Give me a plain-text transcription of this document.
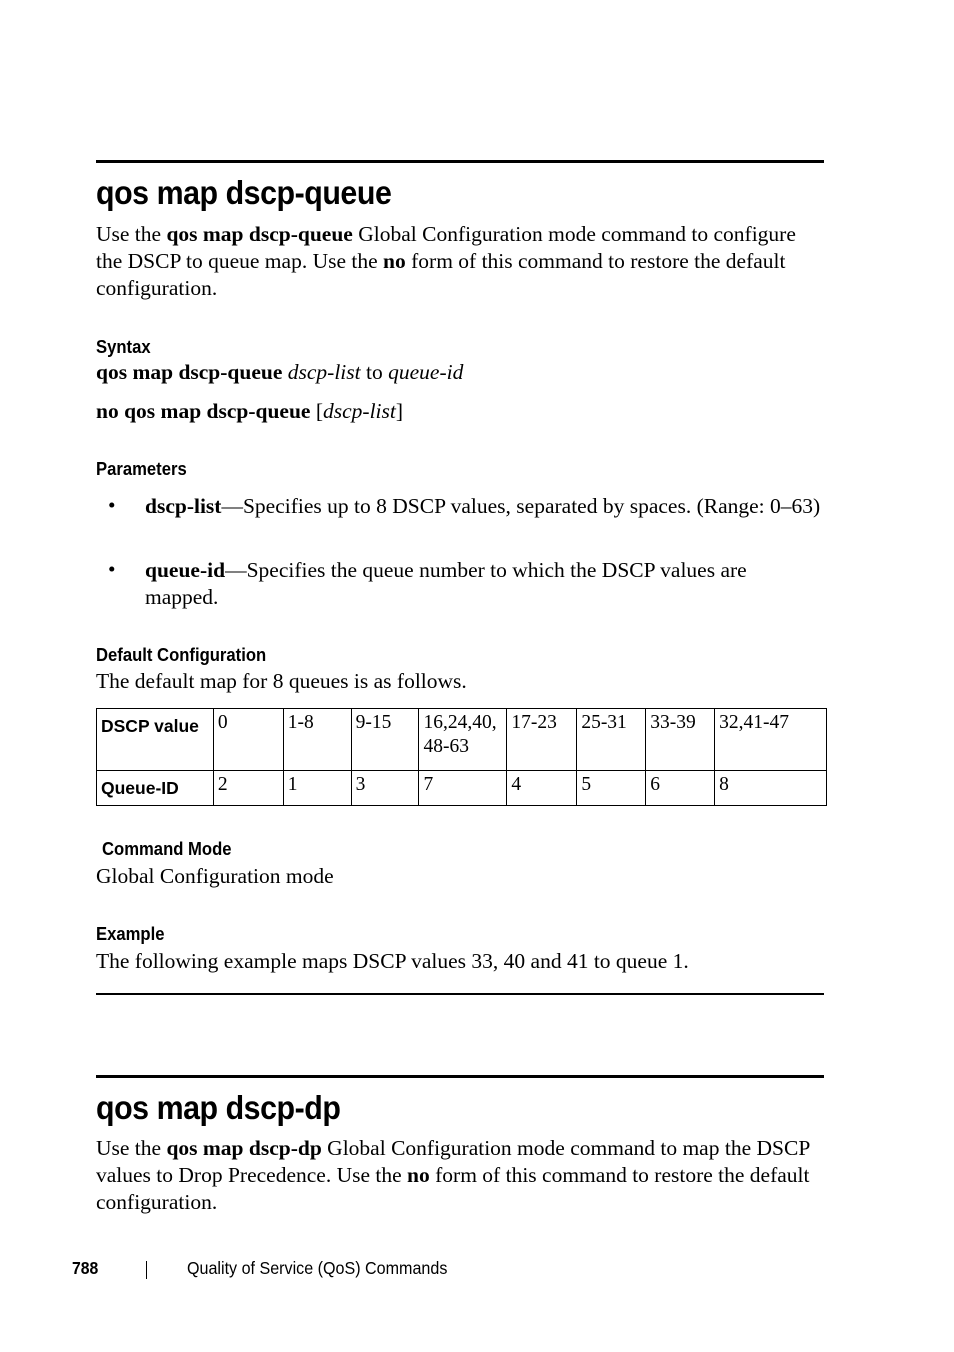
qos map dscp-queue
Use the qos map dscp-queue Global Configuration mode command to configure the DSCP to queue map. Use the no form of this command to restore the default configuration.
Syntax
qos map dscp-queue dscp-list to queue-id
no qos map dscp-queue [dscp-list]
Parameters
• dscp-list—Specifies up to 8 DSCP values, separated by spaces. (Range: 0–63)
• queue-id—Specifies the queue number to which the DSCP values are mapped.
Default Configuration
The default map for 8 queues is as follows.
DSCP value	0	1-8	9-15	16,24,40, 48-63	17-23	25-31	33-39	32,41-47
Queue-ID	2	1	3	7	4	5	6	8
Command Mode
Global Configuration mode
Example
The following example maps DSCP values 33, 40 and 41 to queue 1.
qos map dscp-dp
Use the qos map dscp-dp Global Configuration mode command to map the DSCP values to Drop Precedence. Use the no form of this command to restore the default configuration.
788	Quality of Service (QoS) Commands
